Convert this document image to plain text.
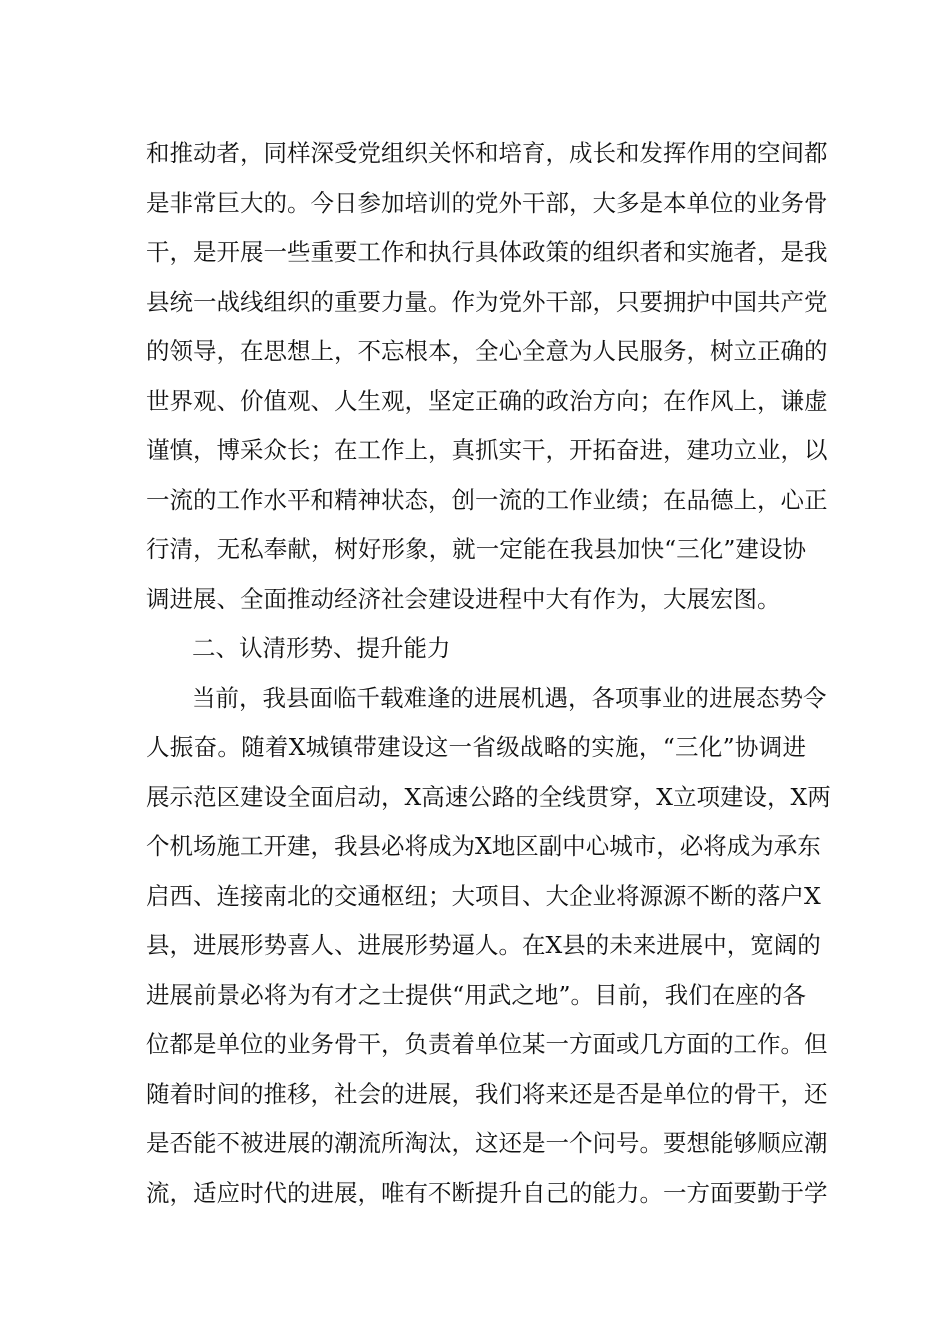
和推动者，同样深受党组织关怀和培育，成长和发挥作用的空间都
是非常巨大的。今日参加培训的党外干部，大多是本单位的业务骨
干，是开展一些重要工作和执行具体政策的组织者和实施者，是我
县统一战线组织的重要力量。作为党外干部，只要拥护中国共产党
的领导，在思想上，不忘根本，全心全意为人民服务，树立正确的
世界观、价值观、人生观，坚定正确的政治方向；在作风上，谦虚
谨慎，博采众长；在工作上，真抓实干，开拓奋进，建功立业，以
一流的工作水平和精神状态，创一流的工作业绩；在品德上，心正
行清，无私奉献，树好形象，就一定能在我县加快“三化”建设协
调进展、全面推动经济社会建设进程中大有作为，大展宏图。
二、认清形势、提升能力
当前，我县面临千载难逢的进展机遇，各项事业的进展态势令
人振奋。随着X城镇带建设这一省级战略的实施，“三化”协调进
展示范区建设全面启动，X高速公路的全线贯穿，X立项建设，X两
个机场施工开建，我县必将成为X地区副中心城市，必将成为承东
启西、连接南北的交通枢纽；大项目、大企业将源源不断的落户X
县，进展形势喜人、进展形势逼人。在X县的未来进展中，宽阔的
进展前景必将为有才之士提供“用武之地”。目前，我们在座的各
位都是单位的业务骨干，负责着单位某一方面或几方面的工作。但
随着时间的推移，社会的进展，我们将来还是否是单位的骨干，还
是否能不被进展的潮流所淘汰，这还是一个问号。要想能够顺应潮
流，适应时代的进展，唯有不断提升自己的能力。一方面要勤于学
